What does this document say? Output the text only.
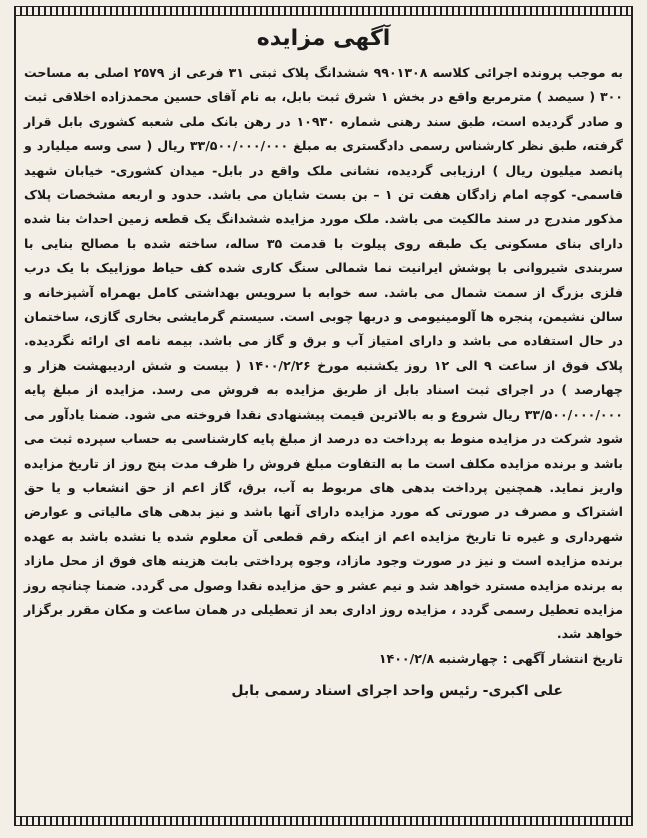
آگهی مزایده

به موجب پرونده اجرائی کلاسه ۹۹۰۱۳۰۸ ششدانگ پلاک ثبتی ۳۱ فرعی از ۲۵۷۹ اصلی به مساحت ۳۰۰ ( سیصد ) مترمربع واقع در بخش ۱ شرق ثبت بابل، به نام آقای حسین محمدزاده اخلاقی ثبت و صادر گردیده است، طبق سند رهنی شماره ۱۰۹۳۰ در رهن بانک ملی شعبه کشوری بابل قرار گرفته، طبق نظر کارشناس رسمی دادگستری به مبلغ ۳۳/۵۰۰/۰۰۰/۰۰۰ ریال ( سی وسه میلیارد و پانصد میلیون ریال ) ارزیابی گردیده، نشانی ملک واقع در بابل- میدان کشوری- خیابان شهید قاسمی- کوچه امام زادگان هفت تن ۱ – بن بست شایان می باشد. حدود و اربعه مشخصات پلاک مذکور مندرج در سند مالکیت می باشد. ملک مورد مزایده ششدانگ یک قطعه زمین احداث بنا شده دارای بنای مسکونی یک طبقه روی پیلوت با قدمت ۳۵ ساله، ساخته شده با مصالح بنایی با سربندی شیروانی با پوشش ایرانیت نما شمالی سنگ کاری شده کف حیاط موزاییک با یک درب فلزی بزرگ از سمت شمال می باشد. سه خوابه با سرویس بهداشتی کامل بهمراه آشپزخانه و سالن نشیمن، پنجره ها آلومینیومی و دربها چوبی است. سیستم گرمایشی بخاری گازی، ساختمان در حال استفاده می باشد و دارای امتیاز آب و برق و گاز می باشد. بیمه نامه ای ارائه نگردیده. پلاک فوق از ساعت ۹ الی ۱۲ روز یکشنبه مورخ ۱۴۰۰/۲/۲۶ ( بیست و شش اردیبهشت هزار و چهارصد ) در اجرای ثبت اسناد بابل از طریق مزایده به فروش می رسد. مزایده از مبلغ پایه ۳۳/۵۰۰/۰۰۰/۰۰۰ ریال شروع و به بالاترین قیمت پیشنهادی نقدا فروخته می شود. ضمنا یادآور می شود شرکت در مزایده منوط به پرداخت ده درصد از مبلغ پایه کارشناسی به حساب سپرده ثبت می باشد و برنده مزایده مکلف است ما به التفاوت مبلغ فروش را ظرف مدت پنج روز از تاریخ مزایده واریز نماید. همچنین پرداخت بدهی های مربوط به آب، برق، گاز اعم از حق انشعاب و یا حق اشتراک و مصرف در صورتی که مورد مزایده دارای آنها باشد و نیز بدهی های مالیاتی و عوارض شهرداری و غیره تا تاریخ مزایده اعم از اینکه رقم قطعی آن معلوم شده یا نشده باشد به عهده برنده مزایده است و نیز در صورت وجود مازاد، وجوه پرداختی بابت هزینه های فوق از محل مازاد به برنده مزایده مسترد خواهد شد و نیم عشر و حق مزایده نقدا وصول می گردد. ضمنا چنانچه روز مزایده تعطیل رسمی گردد ، مزایده روز اداری بعد از تعطیلی در همان ساعت و مکان مقرر برگزار خواهد شد.

تاریخ انتشار آگهی : چهارشنبه ۱۴۰۰/۲/۸

علی اکبری- رئیس واحد اجرای اسناد رسمی بابل
